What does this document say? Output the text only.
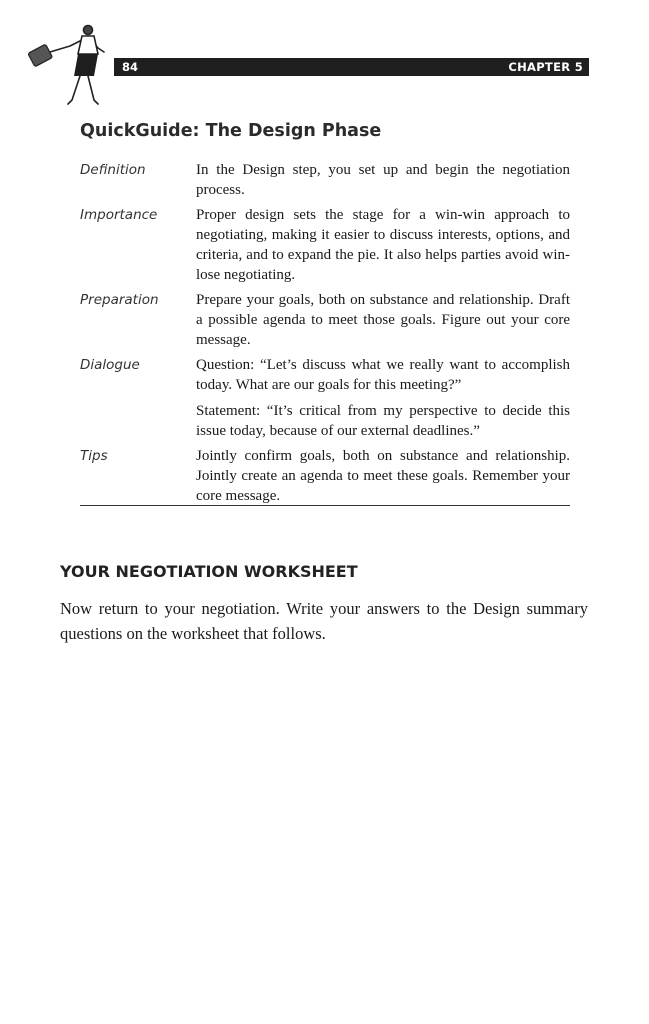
84	CHAPTER 5
QuickGuide: The Design Phase
Definition	In the Design step, you set up and begin the negotiation process.

Importance	Proper design sets the stage for a win-win approach to negotiating, making it easier to discuss interests, options, and criteria, and to expand the pie. It also helps parties avoid win-lose negotiating.

Preparation	Prepare your goals, both on substance and relationship. Draft a possible agenda to meet those goals. Figure out your core message.

Dialogue	Question: “Let’s discuss what we really want to accomplish today. What are our goals for this meeting?”

Statement: “It’s critical from my perspective to decide this issue today, because of our external deadlines.”

Tips	Jointly confirm goals, both on substance and relationship. Jointly create an agenda to meet these goals. Remember your core message.

YOUR NEGOTIATION WORKSHEET
Now return to your negotiation. Write your answers to the Design summary questions on the worksheet that follows.
